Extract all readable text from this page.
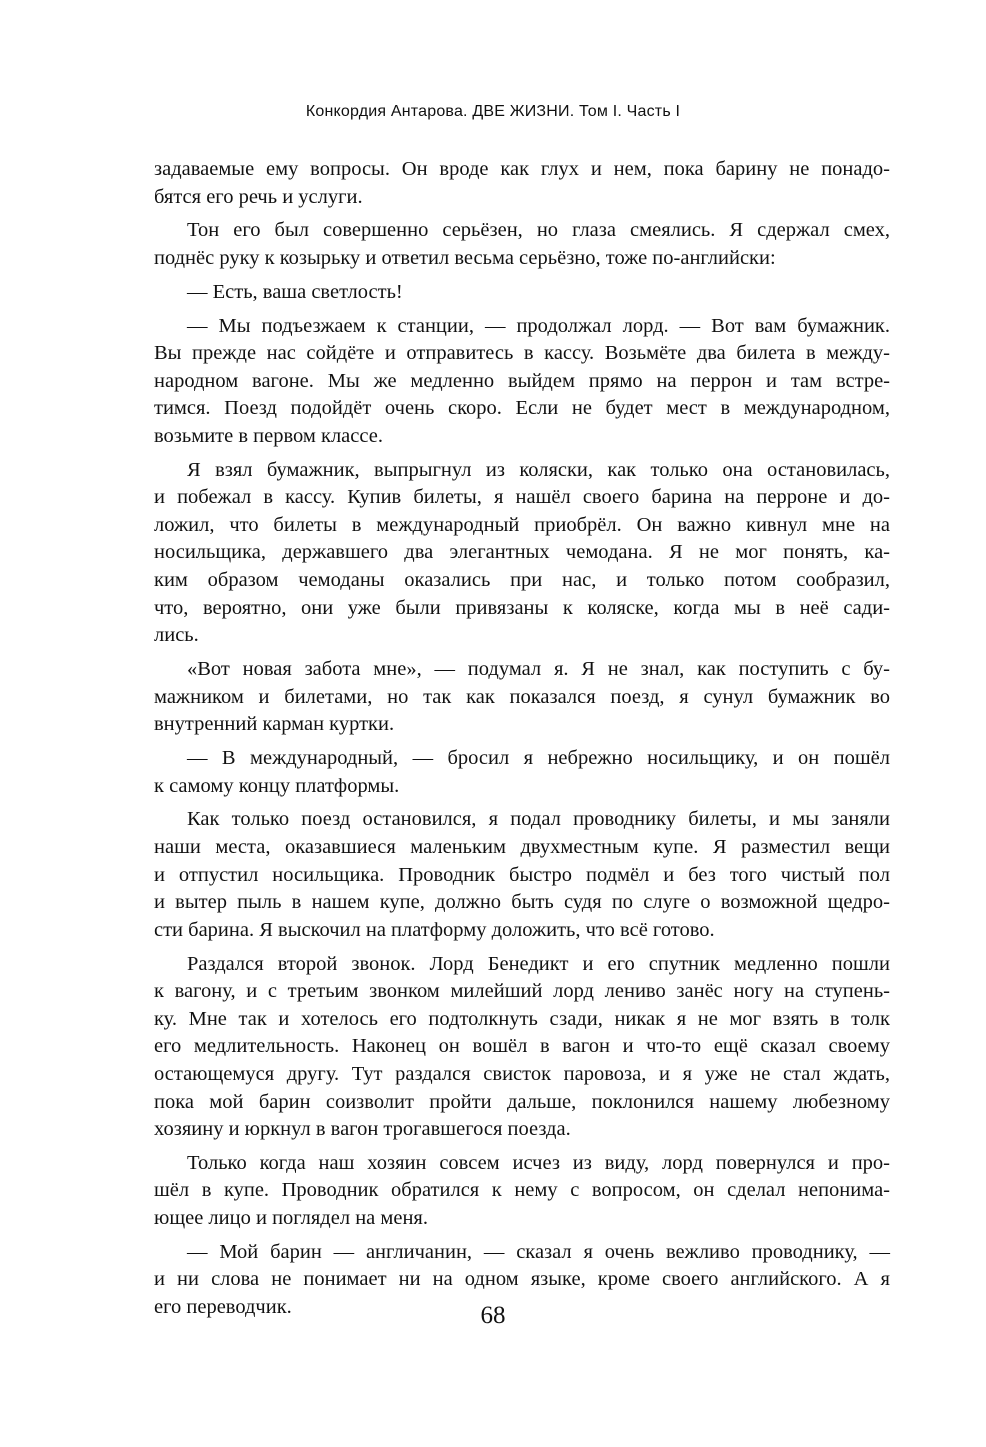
Конкордия Антарова. ДВЕ ЖИЗНИ. Том I. Часть I
задаваемые ему вопросы. Он вроде как глух и нем, пока барину не понадо-
бятся его речь и услуги.
Тон его был совершенно серьёзен, но глаза смеялись. Я сдержал смех,
поднёс руку к козырьку и ответил весьма серьёзно, тоже по-английски:
— Есть, ваша светлость!
— Мы подъезжаем к станции, — продолжал лорд. — Вот вам бумажник.
Вы прежде нас сойдёте и отправитесь в кассу. Возьмёте два билета в между-
народном вагоне. Мы же медленно выйдем прямо на перрон и там встре-
тимся. Поезд подойдёт очень скоро. Если не будет мест в международном,
возьмите в первом классе.
Я взял бумажник, выпрыгнул из коляски, как только она остановилась,
и побежал в кассу. Купив билеты, я нашёл своего барина на перроне и до-
ложил, что билеты в международный приобрёл. Он важно кивнул мне на
носильщика, державшего два элегантных чемодана. Я не мог понять, ка-
ким образом чемоданы оказались при нас, и только потом сообразил,
что, вероятно, они уже были привязаны к коляске, когда мы в неё сади-
лись.
«Вот новая забота мне», — подумал я. Я не знал, как поступить с бу-
мажником и билетами, но так как показался поезд, я сунул бумажник во
внутренний карман куртки.
— В международный, — бросил я небрежно носильщику, и он пошёл
к самому концу платформы.
Как только поезд остановился, я подал проводнику билеты, и мы заняли
наши места, оказавшиеся маленьким двухместным купе. Я разместил вещи
и отпустил носильщика. Проводник быстро подмёл и без того чистый пол
и вытер пыль в нашем купе, должно быть судя по слуге о возможной щедро-
сти барина. Я выскочил на платформу доложить, что всё готово.
Раздался второй звонок. Лорд Бенедикт и его спутник медленно пошли
к вагону, и с третьим звонком милейший лорд лениво занёс ногу на ступень-
ку. Мне так и хотелось его подтолкнуть сзади, никак я не мог взять в толк
его медлительность. Наконец он вошёл в вагон и что-то ещё сказал своему
остающемуся другу. Тут раздался свисток паровоза, и я уже не стал ждать,
пока мой барин соизволит пройти дальше, поклонился нашему любезному
хозяину и юркнул в вагон трогавшегося поезда.
Только когда наш хозяин совсем исчез из виду, лорд повернулся и про-
шёл в купе. Проводник обратился к нему с вопросом, он сделал непонима-
ющее лицо и поглядел на меня.
— Мой барин — англичанин, — сказал я очень вежливо проводнику, —
и ни слова не понимает ни на одном языке, кроме своего английского. А я
его переводчик.	68
